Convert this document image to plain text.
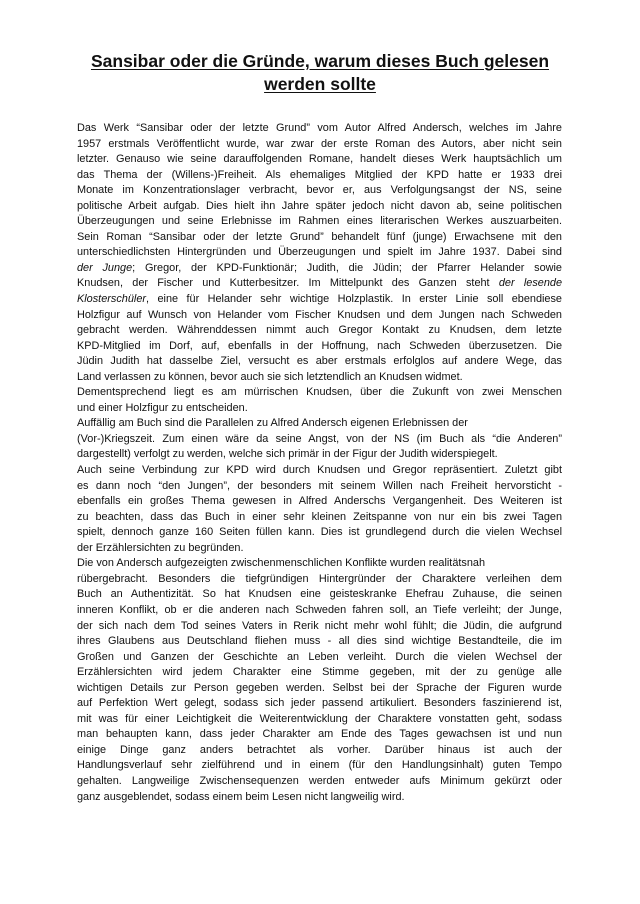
Sansibar oder die Gründe, warum dieses Buch gelesen
werden sollte
Das Werk “Sansibar oder der letzte Grund” vom Autor Alfred Andersch, welches im Jahre
1957 erstmals Veröffentlicht wurde, war zwar der erste Roman des Autors, aber nicht sein
letzter. Genauso wie seine darauffolgenden Romane, handelt dieses Werk hauptsächlich um
das Thema der (Willens-)Freiheit. Als ehemaliges Mitglied der KPD hatte er 1933 drei
Monate im Konzentrationslager verbracht, bevor er, aus Verfolgungsangst der NS, seine
politische Arbeit aufgab. Dies hielt ihn Jahre später jedoch nicht davon ab, seine politischen
Überzeugungen und seine Erlebnisse im Rahmen eines literarischen Werkes auszuarbeiten.
Sein Roman “Sansibar oder der letzte Grund” behandelt fünf (junge) Erwachsene mit den
unterschiedlichsten Hintergründen und Überzeugungen und spielt im Jahre 1937. Dabei sind
der Junge; Gregor, der KPD-Funktionär; Judith, die Jüdin; der Pfarrer Helander sowie
Knudsen, der Fischer und Kutterbesitzer. Im Mittelpunkt des Ganzen steht der lesende
Klosterschüler, eine für Helander sehr wichtige Holzplastik. In erster Linie soll ebendiese
Holzfigur auf Wunsch von Helander vom Fischer Knudsen und dem Jungen nach Schweden
gebracht werden. Währenddessen nimmt auch Gregor Kontakt zu Knudsen, dem letzte
KPD-Mitglied im Dorf, auf, ebenfalls in der Hoffnung, nach Schweden überzusetzen. Die
Jüdin Judith hat dasselbe Ziel, versucht es aber erstmals erfolglos auf andere Wege, das
Land verlassen zu können, bevor auch sie sich letztendlich an Knudsen widmet.
Dementsprechend liegt es am mürrischen Knudsen, über die Zukunft von zwei Menschen
und einer Holzfigur zu entscheiden.
Auffällig am Buch sind die Parallelen zu Alfred Andersch eigenen Erlebnissen der
(Vor-)Kriegszeit. Zum einen wäre da seine Angst, von der NS (im Buch als “die Anderen”
dargestellt) verfolgt zu werden, welche sich primär in der Figur der Judith widerspiegelt.
Auch seine Verbindung zur KPD wird durch Knudsen und Gregor repräsentiert. Zuletzt gibt
es dann noch “den Jungen”, der besonders mit seinem Willen nach Freiheit hervorsticht -
ebenfalls ein großes Thema gewesen in Alfred Anderschs Vergangenheit. Des Weiteren ist
zu beachten, dass das Buch in einer sehr kleinen Zeitspanne von nur ein bis zwei Tagen
spielt, dennoch ganze 160 Seiten füllen kann. Dies ist grundlegend durch die vielen Wechsel
der Erzählersichten zu begründen.
Die von Andersch aufgezeigten zwischenmenschlichen Konflikte wurden realitätsnah
rübergebracht. Besonders die tiefgründigen Hintergründer der Charaktere verleihen dem
Buch an Authentizität. So hat Knudsen eine geisteskranke Ehefrau Zuhause, die seinen
inneren Konflikt, ob er die anderen nach Schweden fahren soll, an Tiefe verleiht; der Junge,
der sich nach dem Tod seines Vaters in Rerik nicht mehr wohl fühlt; die Jüdin, die aufgrund
ihres Glaubens aus Deutschland fliehen muss - all dies sind wichtige Bestandteile, die im
Großen und Ganzen der Geschichte an Leben verleiht. Durch die vielen Wechsel der
Erzählersichten wird jedem Charakter eine Stimme gegeben, mit der zu genüge alle
wichtigen Details zur Person gegeben werden. Selbst bei der Sprache der Figuren wurde
auf Perfektion Wert gelegt, sodass sich jeder passend artikuliert. Besonders faszinierend ist,
mit was für einer Leichtigkeit die Weiterentwicklung der Charaktere vonstatten geht, sodass
man behaupten kann, dass jeder Charakter am Ende des Tages gewachsen ist und nun
einige Dinge ganz anders betrachtet als vorher. Darüber hinaus ist auch der
Handlungsverlauf sehr zielführend und in einem (für den Handlungsinhalt) guten Tempo
gehalten. Langweilige Zwischensequenzen werden entweder aufs Minimum gekürzt oder
ganz ausgeblendet, sodass einem beim Lesen nicht langweilig wird.
